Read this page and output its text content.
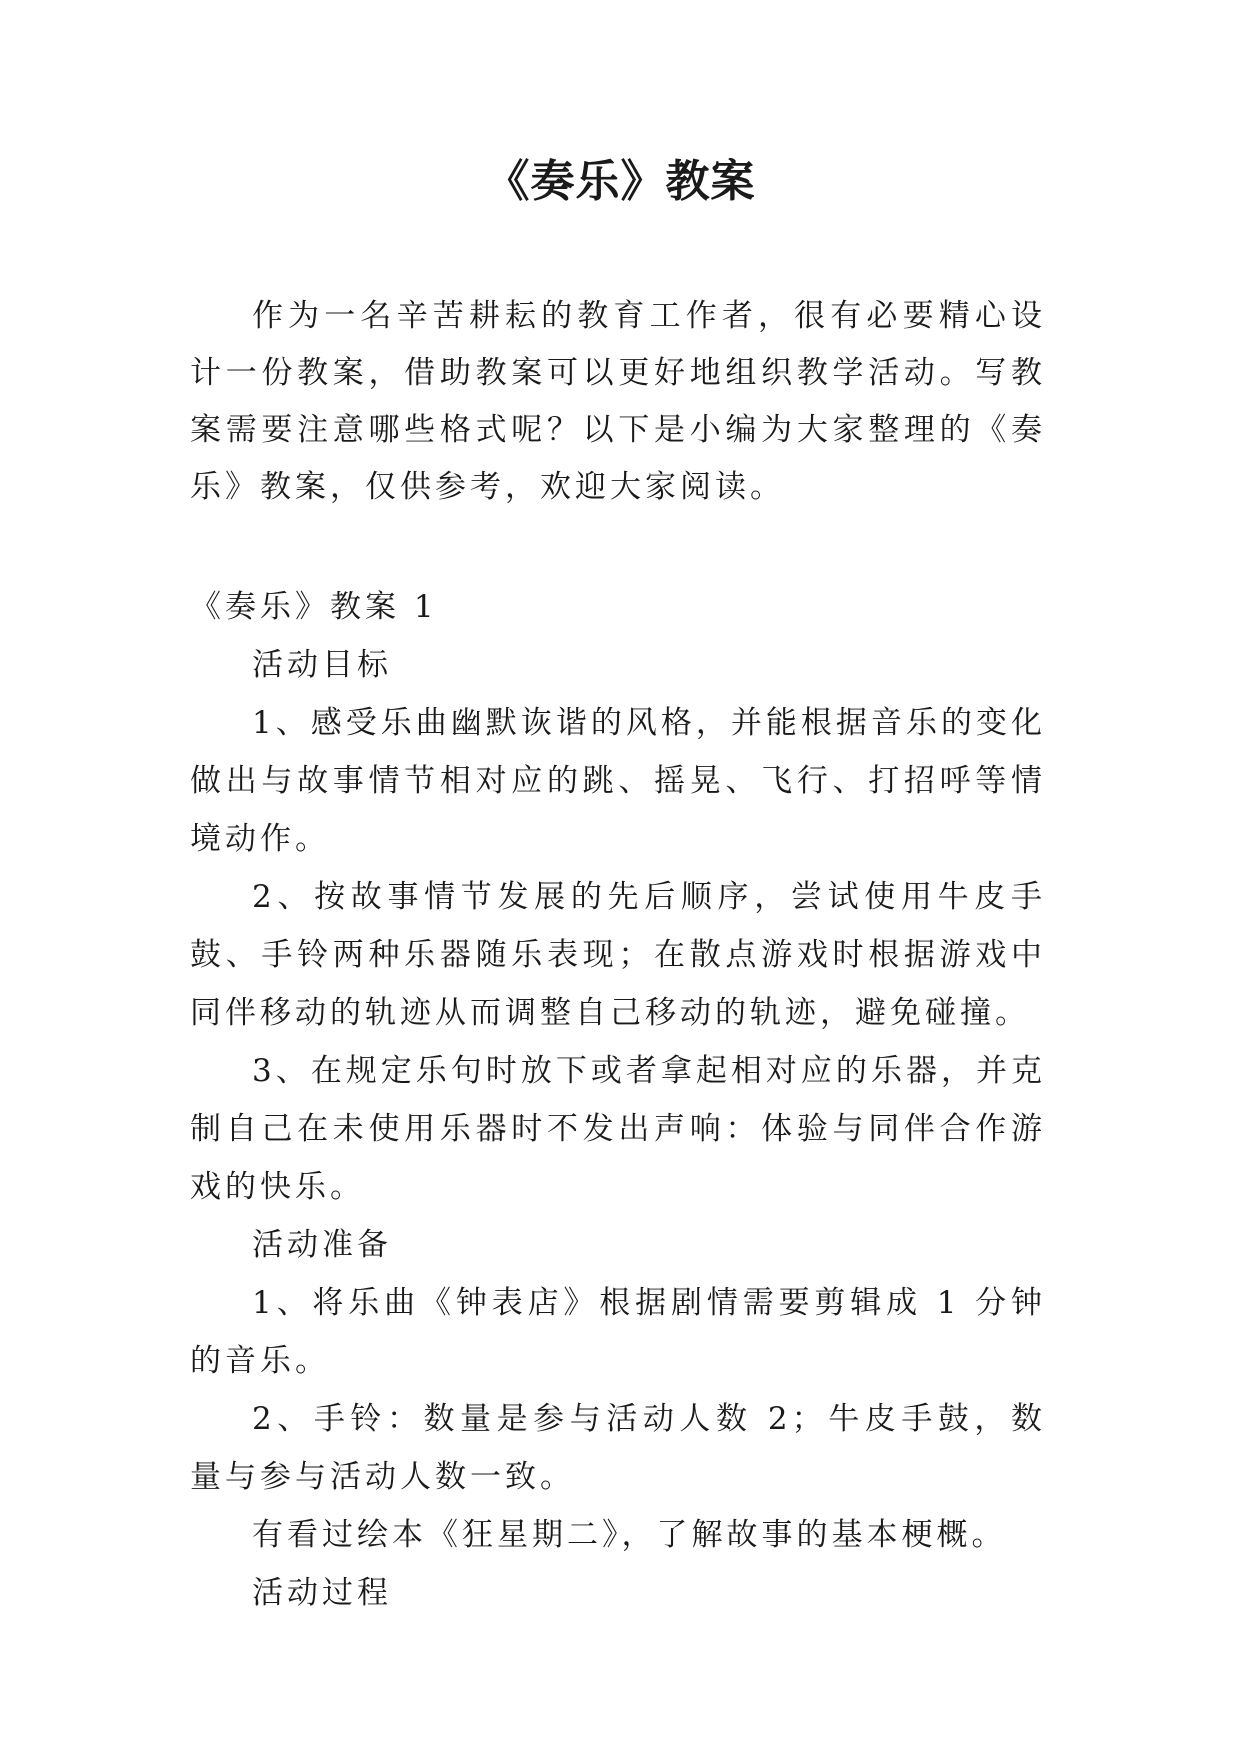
《奏乐》教案

作为一名辛苦耕耘的教育工作者，很有必要精心设计一份教案，借助教案可以更好地组织教学活动。写教案需要注意哪些格式呢？以下是小编为大家整理的《奏乐》教案，仅供参考，欢迎大家阅读。

《奏乐》教案 1

活动目标

1、感受乐曲幽默诙谐的风格，并能根据音乐的变化做出与故事情节相对应的跳、摇晃、飞行、打招呼等情境动作。

2、按故事情节发展的先后顺序，尝试使用牛皮手鼓、手铃两种乐器随乐表现；在散点游戏时根据游戏中同伴移动的轨迹从而调整自己移动的轨迹，避免碰撞。

3、在规定乐句时放下或者拿起相对应的乐器，并克制自己在未使用乐器时不发出声响：体验与同伴合作游戏的快乐。

活动准备

1、将乐曲《钟表店》根据剧情需要剪辑成 1 分钟的音乐。

2、手铃：数量是参与活动人数 2；牛皮手鼓，数量与参与活动人数一致。

有看过绘本《狂星期二》，了解故事的基本梗概。

活动过程
